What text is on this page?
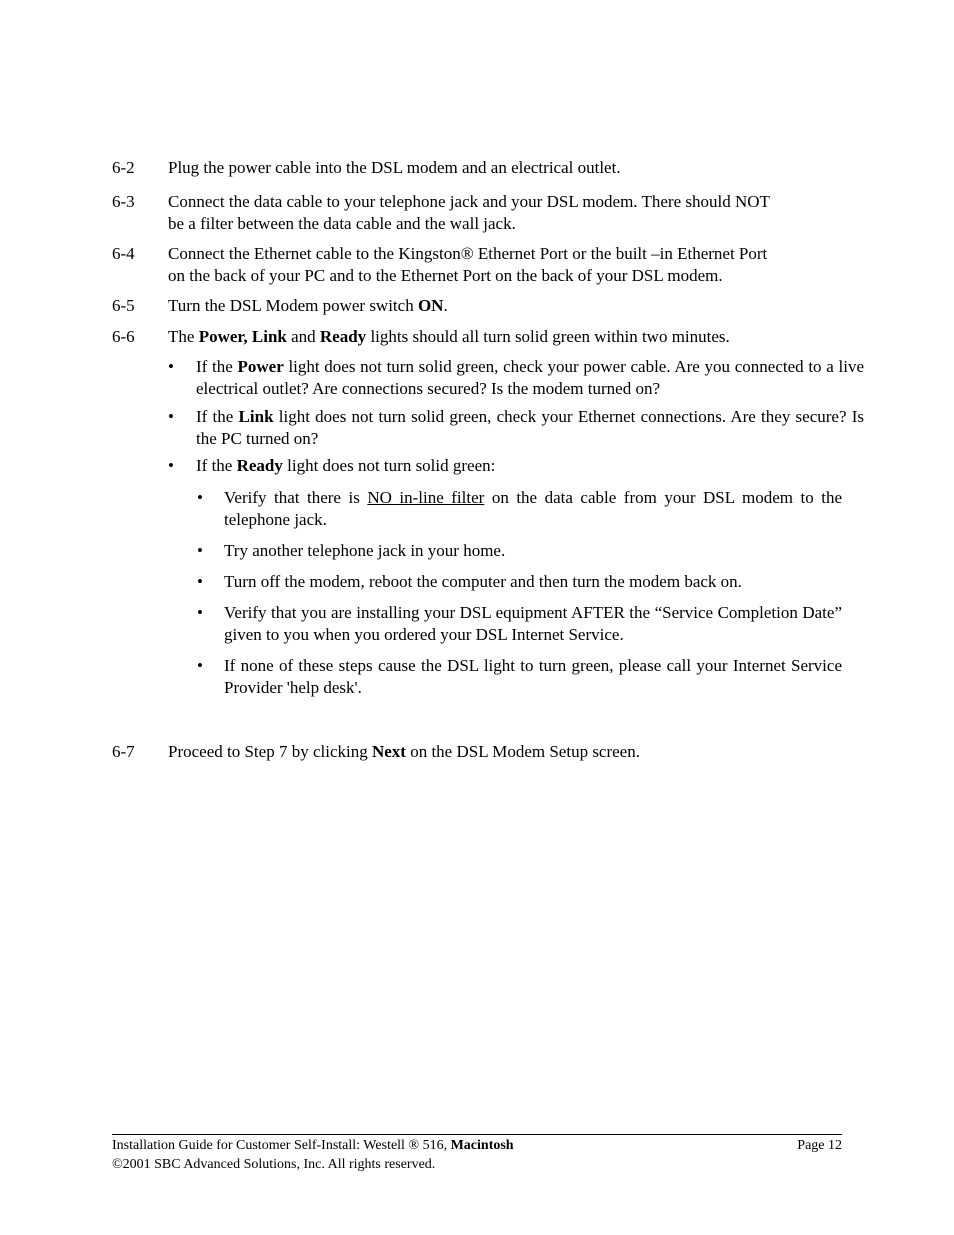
6-2 Plug the power cable into the DSL modem and an electrical outlet.
6-3 Connect the data cable to your telephone jack and your DSL modem. There should NOT
be a filter between the data cable and the wall jack.
6-4 Connect the Ethernet cable to the Kingston® Ethernet Port or the built –in Ethernet Port
on the back of your PC and to the Ethernet Port on the back of your DSL modem.
6-5 Turn the DSL Modem power switch ON.
6-6 The Power, Link and Ready lights should all turn solid green within two minutes.
• If the Power light does not turn solid green, check your power cable. Are you connected to a live electrical outlet? Are connections secured? Is the modem turned on?
• If the Link light does not turn solid green, check your Ethernet connections. Are they secure? Is the PC turned on?
• If the Ready light does not turn solid green:
• Verify that there is NO in-line filter on the data cable from your DSL modem to the telephone jack.
• Try another telephone jack in your home.
• Turn off the modem, reboot the computer and then turn the modem back on.
• Verify that you are installing your DSL equipment AFTER the “Service Completion Date” given to you when you ordered your DSL Internet Service.
• If none of these steps cause the DSL light to turn green, please call your Internet Service Provider 'help desk'.
6-7 Proceed to Step 7 by clicking Next on the DSL Modem Setup screen.
Installation Guide for Customer Self-Install: Westell ® 516, Macintosh	Page 12
©2001 SBC Advanced Solutions, Inc. All rights reserved.
